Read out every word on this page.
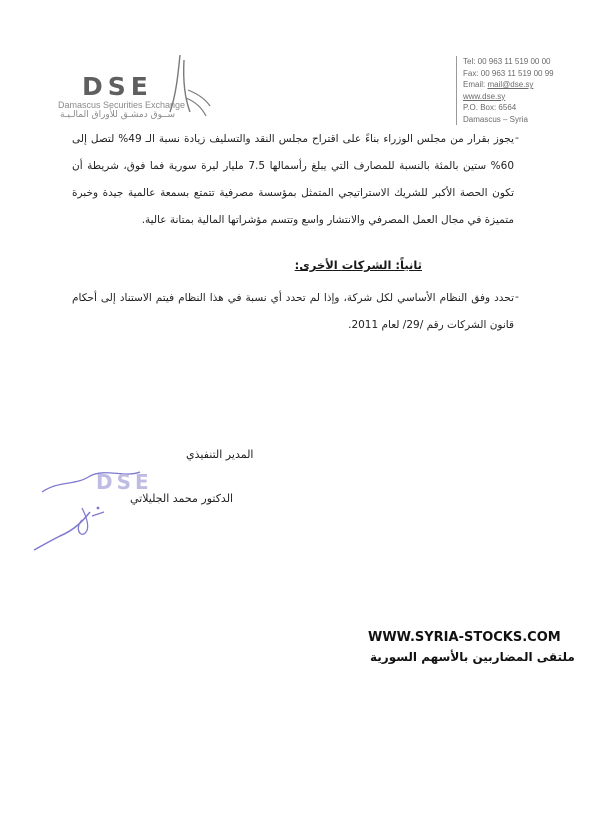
DSE
Damascus Securities Exchange
ســوق دمشـق للأوراق المالـيـة
Tel: 00 963 11 519 00 00
Fax: 00 963 11 519 00 99
Email: mail@dse.sy
www.dse.sy
P.O. Box: 6564
Damascus – Syria
-
يجوز بقرار من مجلس الوزراء بناءً على اقتراح مجلس النقد والتسليف زيادة نسبة الـ 49% لتصل إلى 60% ستين بالمئة بالنسبة للمصارف التي يبلغ رأسمالها 7.5 مليار ليرة سورية فما فوق، شريطة أن تكون الحصة الأكبر للشريك الاستراتيجي المتمثل بمؤسسة مصرفية تتمتع بسمعة عالمية جيدة وخبرة متميزة في مجال العمل المصرفي والانتشار واسع وتتسم مؤشراتها المالية بمتانة عالية.
ثانياً: الشركات الأخرى:
-
تحدد وفق النظام الأساسي لكل شركة، وإذا لم تحدد أي نسبة في هذا النظام فيتم الاستناد إلى أحكام قانون الشركات رقم /29/ لعام 2011.
DSE
المدير التنفيذي
الدكتور محمد الجليلاتي
WWW.SYRIA-STOCKS.COM
ملتقى المضاربين بالأسهم السورية
